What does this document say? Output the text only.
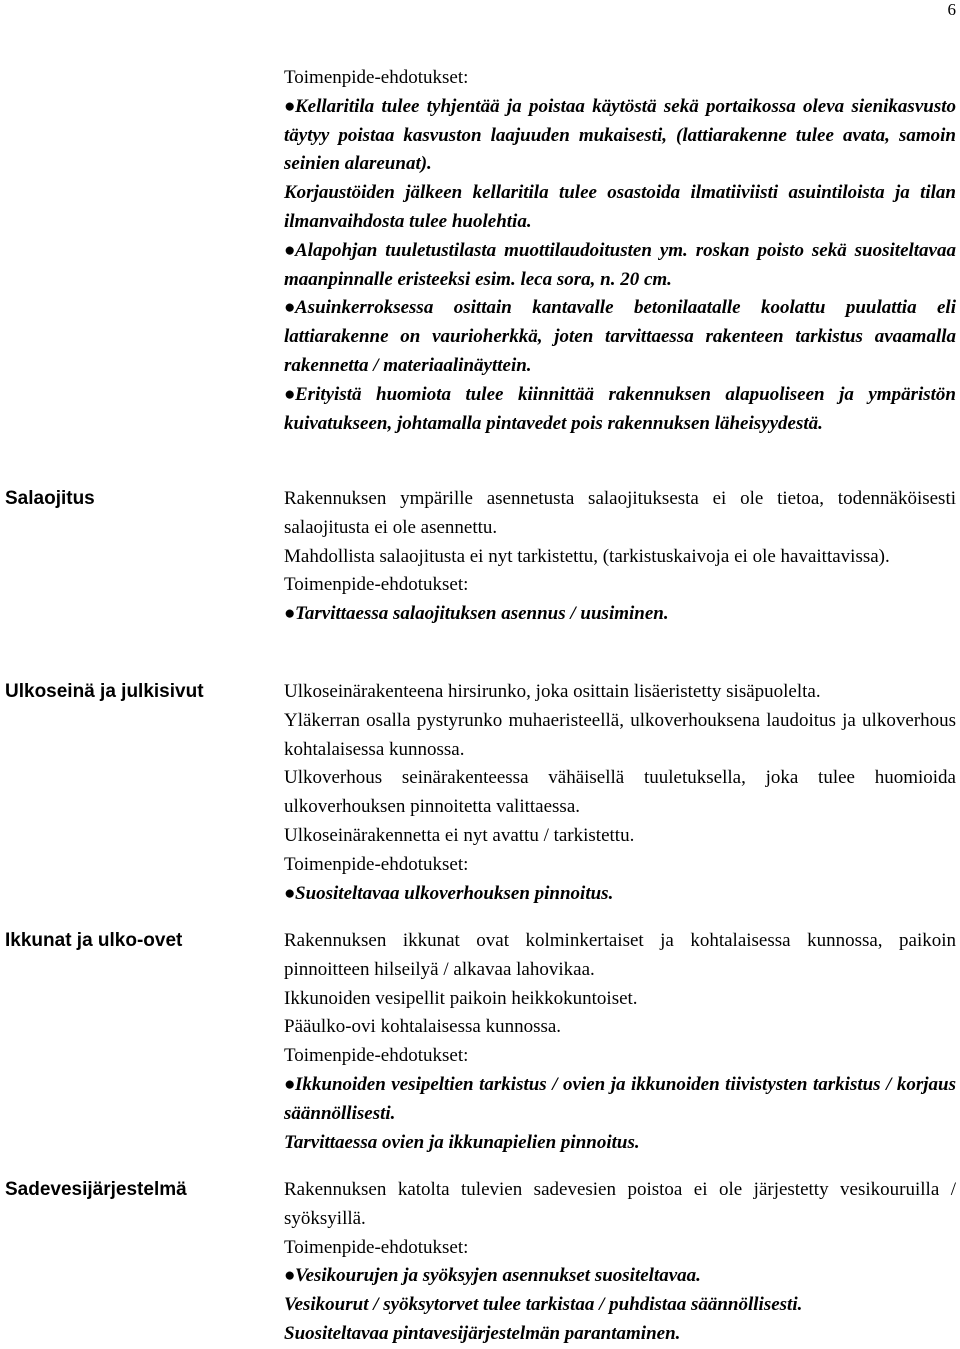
6

Toimenpide-ehdotukset:

●Kellaritila tulee tyhjentää ja poistaa käytöstä sekä portaikossa oleva sienikasvusto täytyy poistaa kasvuston laajuuden mukaisesti, (lattiarakenne tulee avata, samoin seinien alareunat).

Korjaustöiden jälkeen kellaritila tulee osastoida ilmatiiviisti asuintiloista ja tilan ilmanvaihdosta tulee huolehtia.

●Alapohjan tuuletustilasta muottilaudoitusten ym. roskan poisto sekä suositeltavaa maanpinnalle eristeeksi esim. leca sora, n. 20 cm.

●Asuinkerroksessa osittain kantavalle betonilaatalle koolattu puulattia eli lattiarakenne on vaurioherkkä, joten tarvittaessa rakenteen tarkistus avaamalla rakennetta / materiaalinäyttein.

●Erityistä huomiota tulee kiinnittää rakennuksen alapuoliseen ja ympäristön kuivatukseen, johtamalla pintavedet pois rakennuksen läheisyydestä.

Salaojitus	Rakennuksen ympärille asennetusta salaojituksesta ei ole tietoa, todennäköisesti salaojitusta ei ole asennettu.

Mahdollista salaojitusta ei nyt tarkistettu, (tarkistuskaivoja ei ole havaittavissa).

Toimenpide-ehdotukset:

●Tarvittaessa salaojituksen asennus / uusiminen.

Ulkoseinä ja julkisivut	Ulkoseinärakenteena hirsirunko, joka osittain lisäeristetty sisäpuolelta.

Yläkerran osalla pystyrunko muhaeristeellä, ulkoverhouksena laudoitus ja ulkoverhous kohtalaisessa kunnossa.

Ulkoverhous seinärakenteessa vähäisellä tuuletuksella, joka tulee huomioida ulkoverhouksen pinnoitetta valittaessa.

Ulkoseinärakennetta ei nyt avattu / tarkistettu.

Toimenpide-ehdotukset:

●Suositeltavaa ulkoverhouksen pinnoitus.

Ikkunat ja ulko-ovet	Rakennuksen ikkunat ovat kolminkertaiset ja kohtalaisessa kunnossa, paikoin pinnoitteen hilseilyä / alkavaa lahovikaa.

Ikkunoiden vesipellit paikoin heikkokuntoiset.

Pääulko-ovi kohtalaisessa kunnossa.

Toimenpide-ehdotukset:

●Ikkunoiden vesipeltien tarkistus / ovien ja ikkunoiden tiivistysten tarkistus / korjaus säännöllisesti.

Tarvittaessa ovien ja ikkunapielien pinnoitus.

Sadevesijärjestelmä	Rakennuksen katolta tulevien sadevesien poistoa ei ole järjestetty vesikouruilla / syöksyillä.

Toimenpide-ehdotukset:

●Vesikourujen ja syöksyjen asennukset suositeltavaa.

Vesikourut / syöksytorvet tulee tarkistaa / puhdistaa säännöllisesti.

Suositeltavaa pintavesijärjestelmän parantaminen.
